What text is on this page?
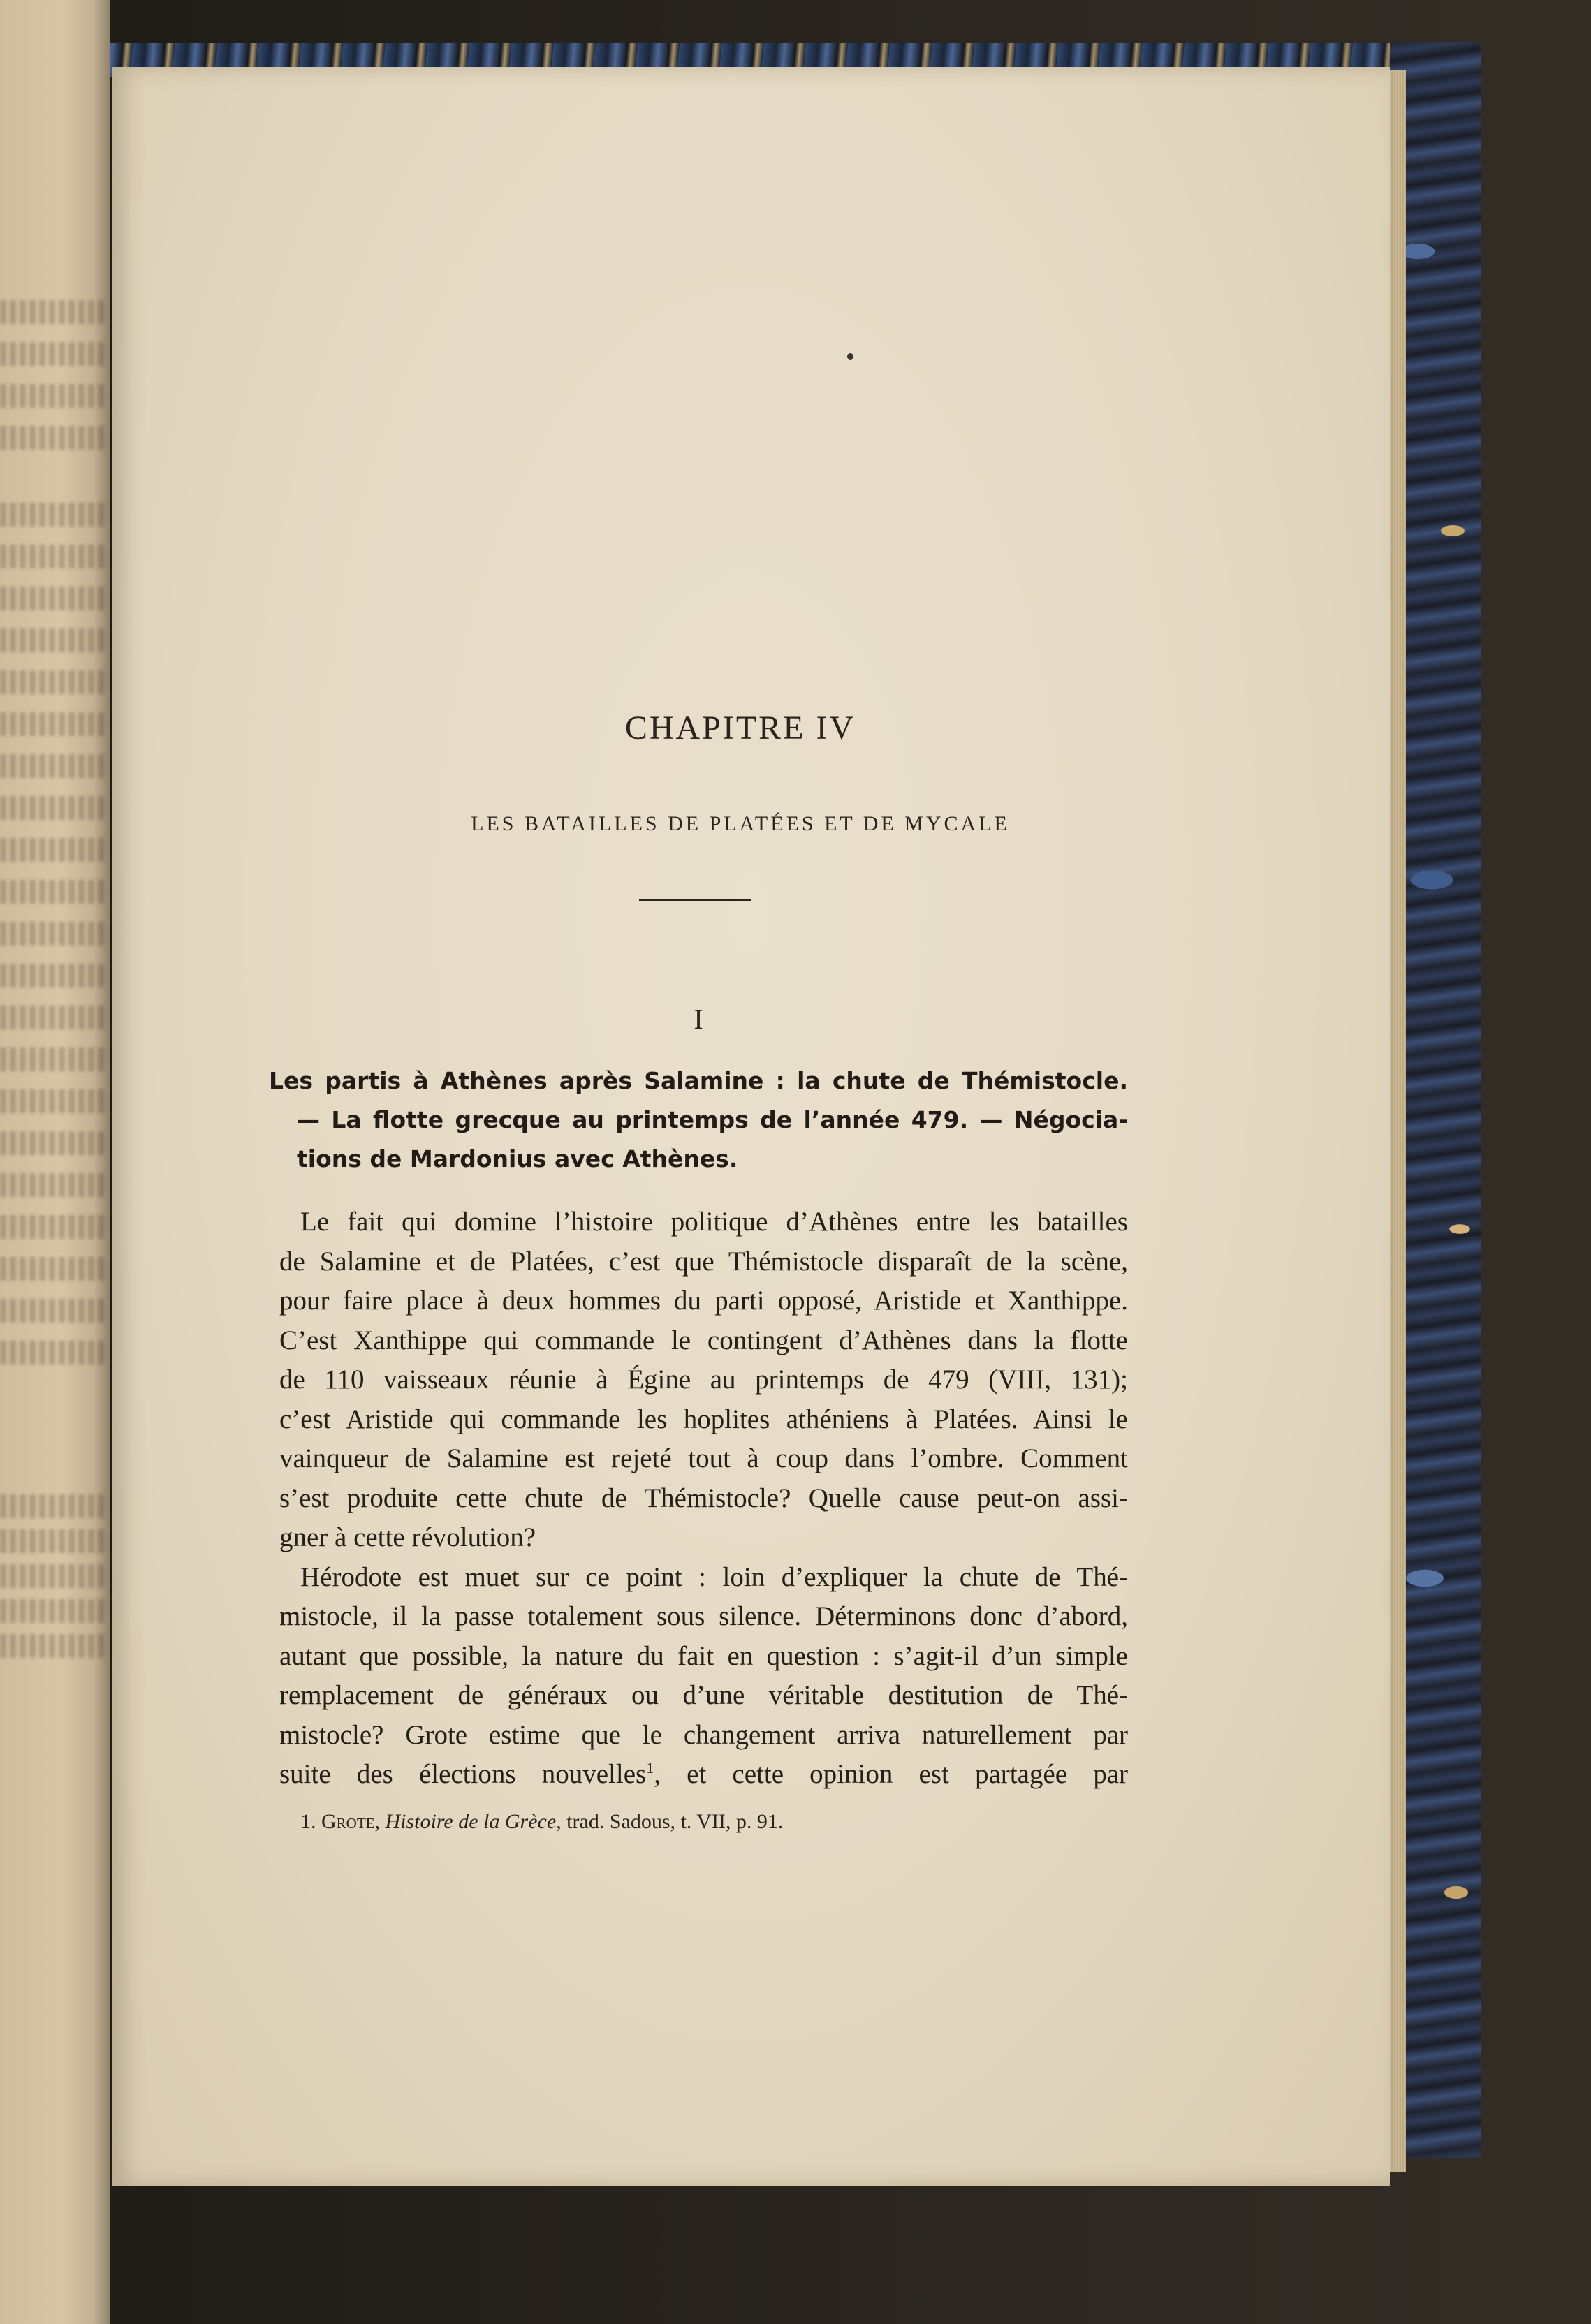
CHAPITRE IV
LES BATAILLES DE PLATÉES ET DE MYCALE
I

Les partis à Athènes après Salamine : la chute de Thémistocle.

— La flotte grecque au printemps de l’année 479. — Négocia-

tions de Mardonius avec Athènes.

Le fait qui domine l’histoire politique d’Athènes entre les batailles
de Salamine et de Platées, c’est que Thémistocle disparaît de la scène,
pour faire place à deux hommes du parti opposé, Aristide et Xanthippe.
C’est Xanthippe qui commande le contingent d’Athènes dans la flotte
de 110 vaisseaux réunie à Égine au printemps de 479 (VIII, 131);
c’est Aristide qui commande les hoplites athéniens à Platées. Ainsi le
vainqueur de Salamine est rejeté tout à coup dans l’ombre. Comment
s’est produite cette chute de Thémistocle? Quelle cause peut-on assi-
gner à cette révolution?
Hérodote est muet sur ce point : loin d’expliquer la chute de Thé-
mistocle, il la passe totalement sous silence. Déterminons donc d’abord,
autant que possible, la nature du fait en question : s’agit-il d’un simple
remplacement de généraux ou d’une véritable destitution de Thé-
mistocle? Grote estime que le changement arriva naturellement par
suite des élections nouvelles$^1$, et cette opinion est partagée par
1. Grote, Histoire de la Grèce, trad. Sadous, t. VII, p. 91.
